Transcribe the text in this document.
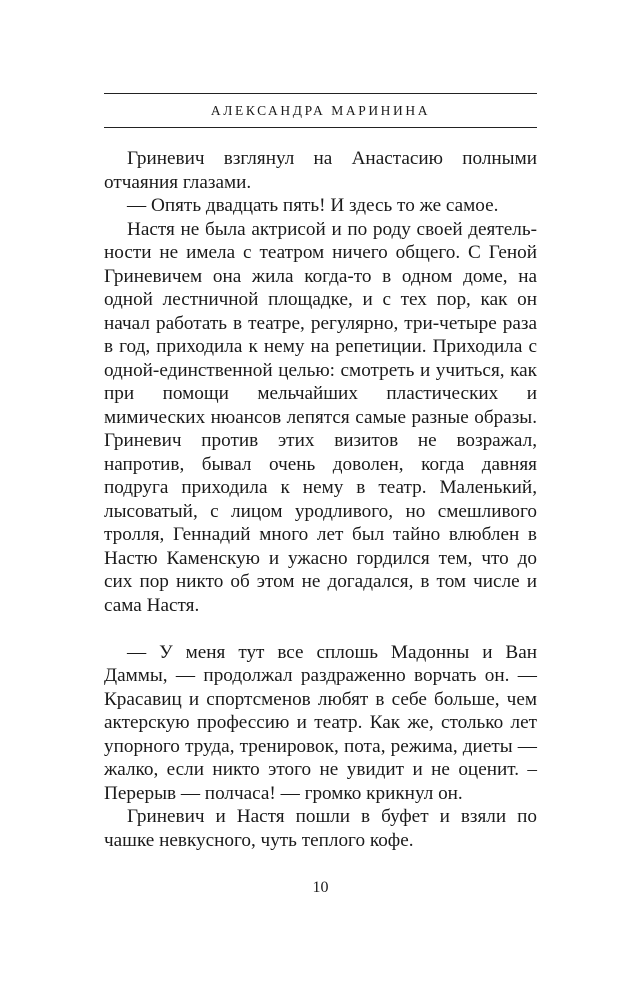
АЛЕКСАНДРА МАРИНИНА

Гриневич взглянул на Анастасию полными отчаяния глазами.

— Опять двадцать пять! И здесь то же самое.

Настя не была актрисой и по роду своей деятельности не имела с театром ничего общего. С Геной Гриневичем она жила когда-то в одном доме, на одной лестничной площадке, и с тех пор, как он начал работать в театре, регулярно, три-четыре раза в год, приходила к нему на репетиции. Приходила с одной-единственной целью: смотреть и учиться, как при помощи мельчайших пластических и мимических нюансов лепятся самые разные образы. Гриневич против этих визитов не возражал, напротив, бывал очень доволен, когда давняя подруга приходила к нему в театр. Маленький, лысоватый, с лицом уродливого, но смешливого тролля, Геннадий много лет был тайно влюблен в Настю Каменскую и ужасно гордился тем, что до сих пор никто об этом не догадался, в том числе и сама Настя.

— У меня тут все сплошь Мадонны и Ван Даммы, — продолжал раздраженно ворчать он. — Красавиц и спортсменов любят в себе больше, чем актерскую профессию и театр. Как же, столько лет упорного труда, тренировок, пота, режима, диеты — жалко, если никто этого не увидит и не оценит. – Перерыв — полчаса! — громко крикнул он.

Гриневич и Настя пошли в буфет и взяли по чашке невкусного, чуть теплого кофе.

10
